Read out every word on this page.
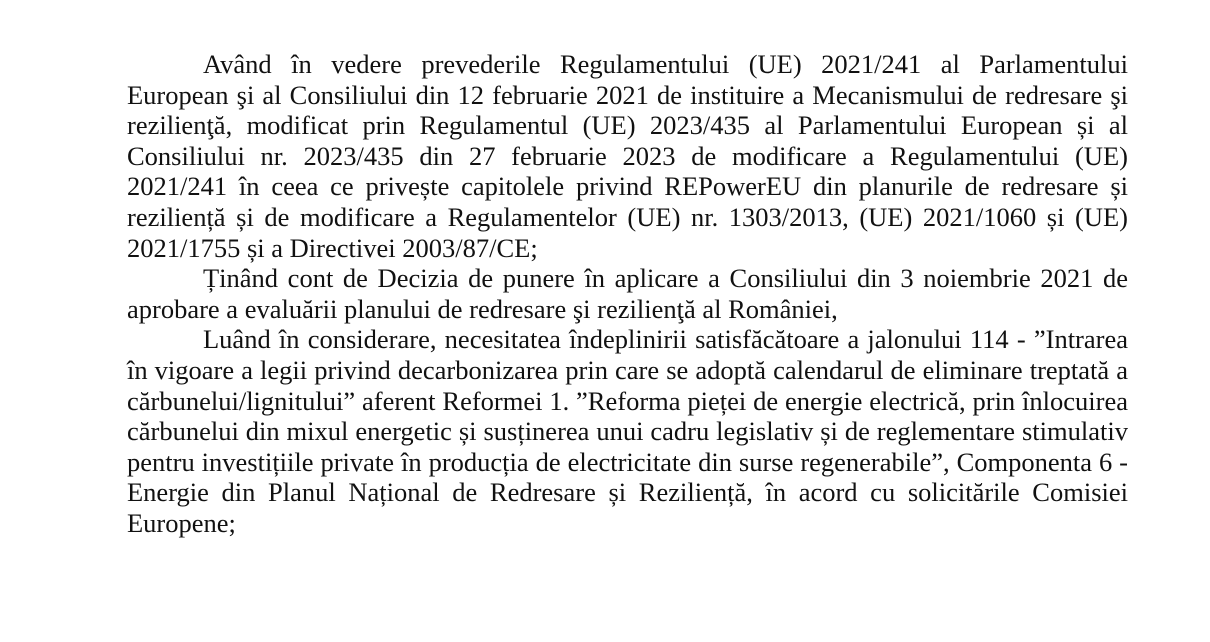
Având în vedere prevederile Regulamentului (UE) 2021/241 al Parlamentului European şi al Consiliului din 12 februarie 2021 de instituire a Mecanismului de redresare şi rezilienţă, modificat prin Regulamentul (UE) 2023/435 al Parlamentului European și al Consiliului nr. 2023/435 din 27 februarie 2023 de modificare a Regulamentului (UE) 2021/241 în ceea ce privește capitolele privind REPowerEU din planurile de redresare și reziliență și de modificare a Regulamentelor (UE) nr. 1303/2013, (UE) 2021/1060 și (UE) 2021/1755 și a Directivei 2003/87/CE;

Ținând cont de Decizia de punere în aplicare a Consiliului din 3 noiembrie 2021 de aprobare a evaluării planului de redresare şi rezilienţă al României,

Luând în considerare, necesitatea îndeplinirii satisfăcătoare a jalonului 114 - ”Intrarea în vigoare a legii privind decarbonizarea prin care se adoptă calendarul de eliminare treptată a cărbunelui/lignitului” aferent Reformei 1. ”Reforma pieței de energie electrică, prin înlocuirea cărbunelui din mixul energetic și susținerea unui cadru legislativ și de reglementare stimulativ pentru investițiile private în producția de electricitate din surse regenerabile”, Componenta 6 - Energie din Planul Național de Redresare și Reziliență, în acord cu solicitările Comisiei Europene;
